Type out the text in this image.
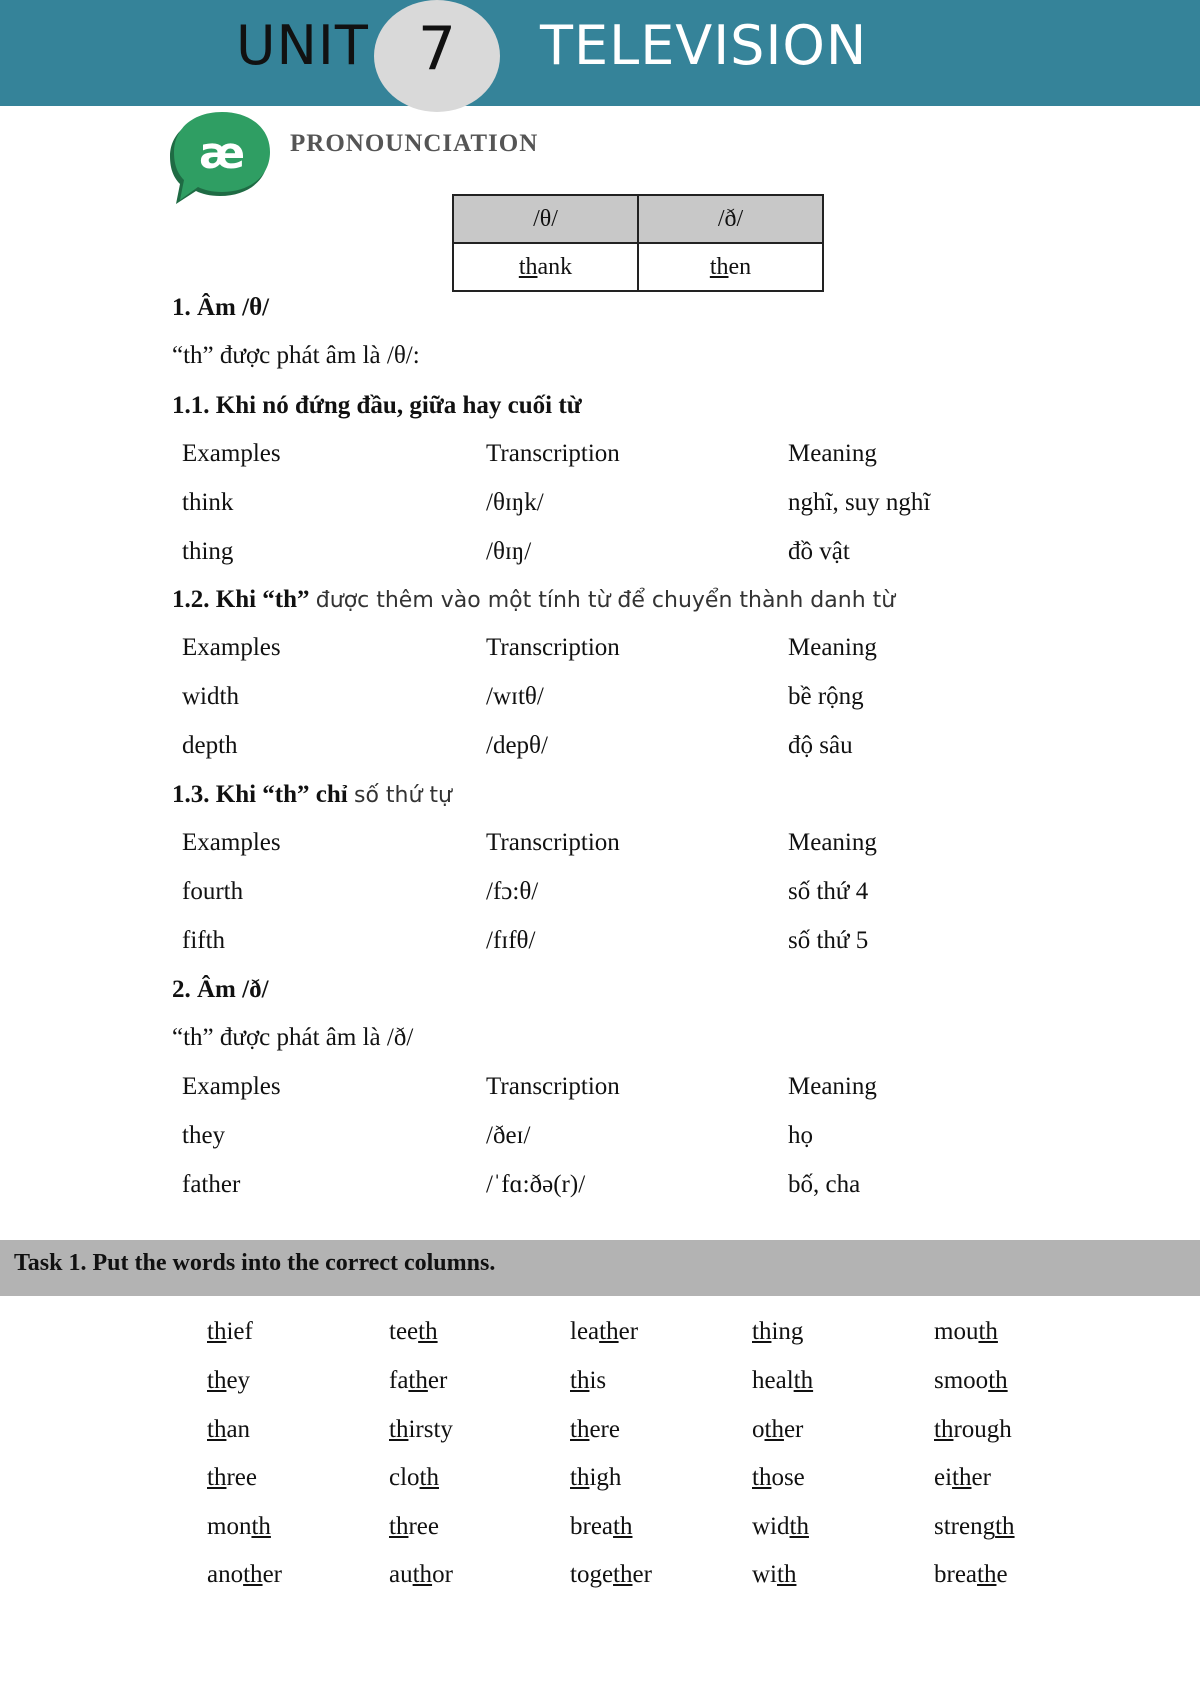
UNIT 7	TELEVISION
æ PRONOUNCIATION
/θ/	/ð/
thank	then
1. Âm /θ/
“th” được phát âm là /θ/:
1.1. Khi nó đứng đầu, giữa hay cuối từ
Examples	Transcription	Meaning
think	/θɪŋk/	nghĩ, suy nghĩ
thing	/θɪŋ/	đồ vật
1.2. Khi “th” được thêm vào một tính từ để chuyển thành danh từ
Examples	Transcription	Meaning
width	/wɪtθ/	bề rộng
depth	/depθ/	độ sâu
1.3. Khi “th” chỉ số thứ tự
Examples	Transcription	Meaning
fourth	/fɔ:θ/	số thứ 4
fifth	/fɪfθ/	số thứ 5
2. Âm /ð/
“th” được phát âm là /ð/
Examples	Transcription	Meaning
they	/ðeɪ/	họ
father	/ˈfɑ:ðə(r)/	bố, cha
Task 1. Put the words into the correct columns.
thief	teeth	leather	thing	mouth
they	father	this	health	smooth
than	thirsty	there	other	through
three	cloth	thigh	those	either
month	three	breath	width	strength
another	author	together	with	breathe
